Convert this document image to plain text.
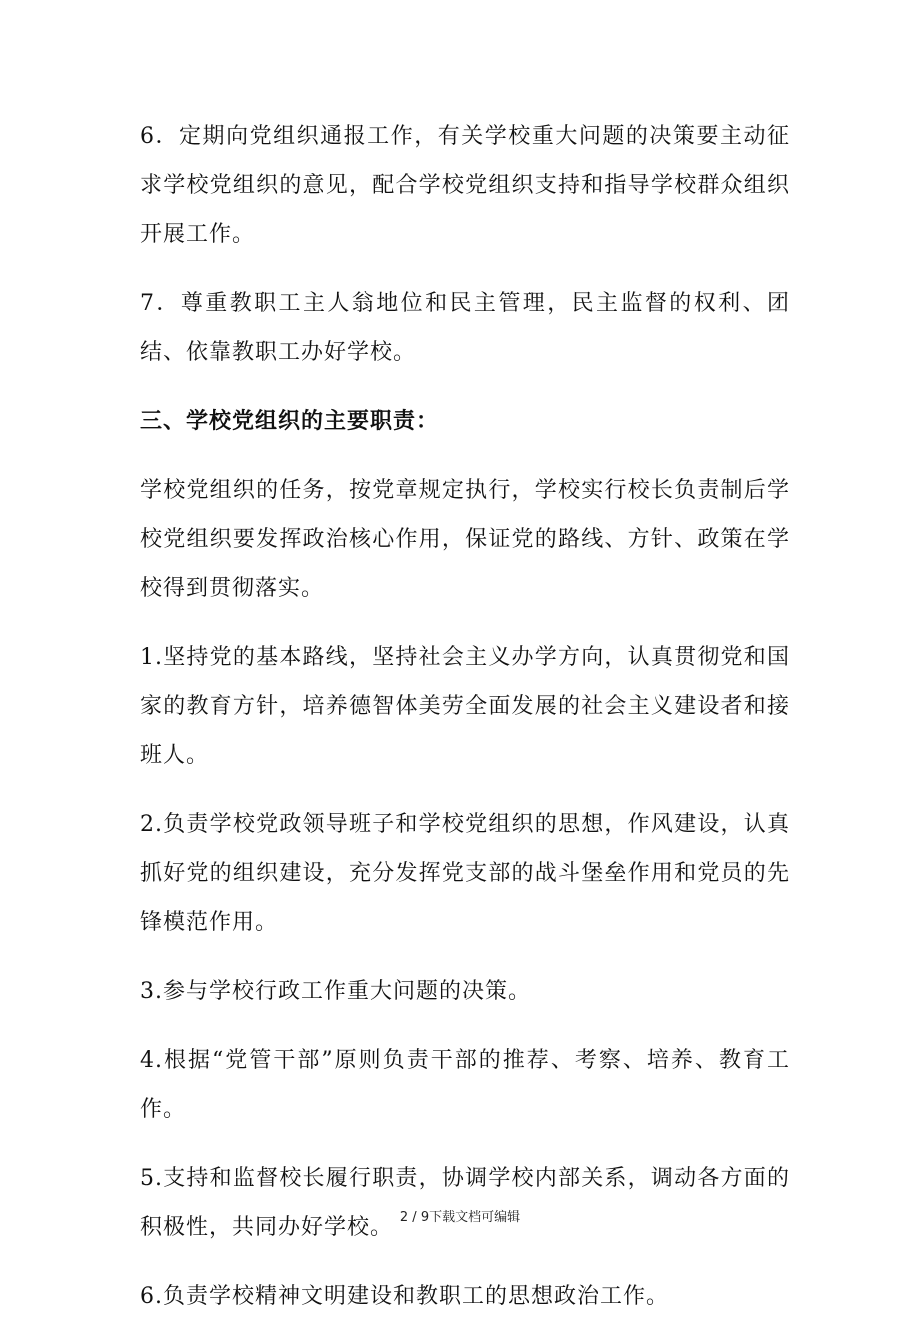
6．定期向党组织通报工作，有关学校重大问题的决策要主动征求学校党组织的意见，配合学校党组织支持和指导学校群众组织开展工作。

7．尊重教职工主人翁地位和民主管理，民主监督的权利、团结、依靠教职工办好学校。

三、学校党组织的主要职责：

学校党组织的任务，按党章规定执行，学校实行校长负责制后学校党组织要发挥政治核心作用，保证党的路线、方针、政策在学校得到贯彻落实。

1.坚持党的基本路线，坚持社会主义办学方向，认真贯彻党和国家的教育方针，培养德智体美劳全面发展的社会主义建设者和接班人。

2.负责学校党政领导班子和学校党组织的思想，作风建设，认真抓好党的组织建设，充分发挥党支部的战斗堡垒作用和党员的先锋模范作用。

3.参与学校行政工作重大问题的决策。

4.根据“党管干部”原则负责干部的推荐、考察、培养、教育工作。

5.支持和监督校长履行职责，协调学校内部关系，调动各方面的积极性，共同办好学校。

6.负责学校精神文明建设和教职工的思想政治工作。

2 / 9下载文档可编辑
